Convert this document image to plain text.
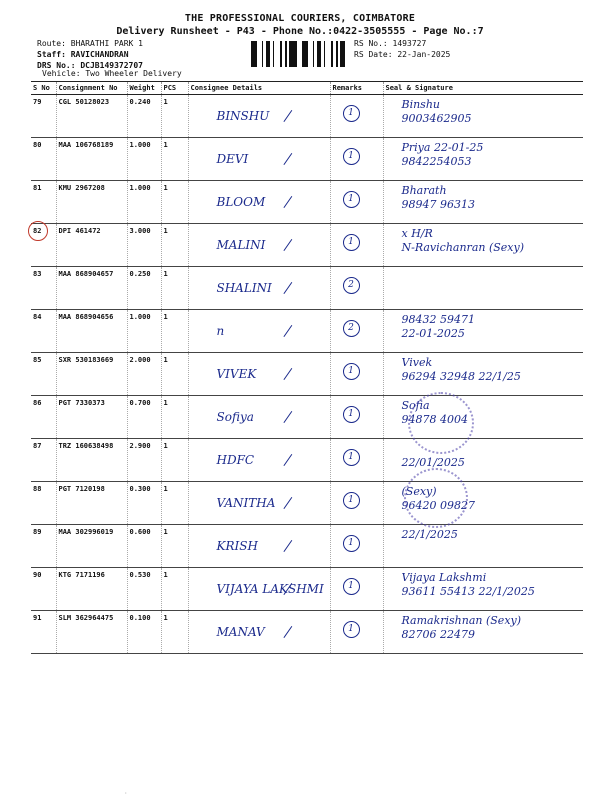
THE PROFESSIONAL COURIERS, COIMBATORE
Delivery Runsheet - P43 - Phone No.:0422-3505555 - Page No.:7
Route: BHARATHI PARK 1
Staff: RAVICHANDRAN
DRS No.: DCJB149372707
Vehicle: Two Wheeler Delivery
RS No.: 1493727
RS Date: 22-Jan-2025
S No	Consignment No	Weight	PCS	Consignee Details	Remarks	Seal & Signature
79	CGL 50128023	0.240	1	BINSHU	1	Binshu
9003462905

80	MAA 106768189	1.000	1	DEVI	1	Priya 22-01-25
9842254053

81	KMU 2967208	1.000	1	BLOOM	1	Bharath
98947 96313

82	DPI 461472	3.000	1	MALINI	1	x H/R
N-Ravichanran (Sexy)

83	MAA 868904657	0.250	1	SHALINI	2	

84	MAA 868904656	1.000	1	n	2	98432 59471
22-01-2025

85	SXR 530183669	2.000	1	VIVEK	1	Vivek
96294 32948 22/1/25

86	PGT 7330373	0.700	1	Sofiya	1	Sofia
94878 4004

87	TRZ 160638498	2.900	1	HDFC	1	22/01/2025

88	PGT 7120198	0.300	1	VANITHA	1	(Sexy)
96420 09827

89	MAA 302996019	0.600	1	KRISH	1	22/1/2025

90	KTG 7171196	0.530	1	VIJAYA LAKSHMI	1	Vijaya Lakshmi
93611 55413 22/1/2025

91	SLM 362964475	0.100	1	MANAV	1	Ramakrishnan (Sexy)
82706 22479
·
